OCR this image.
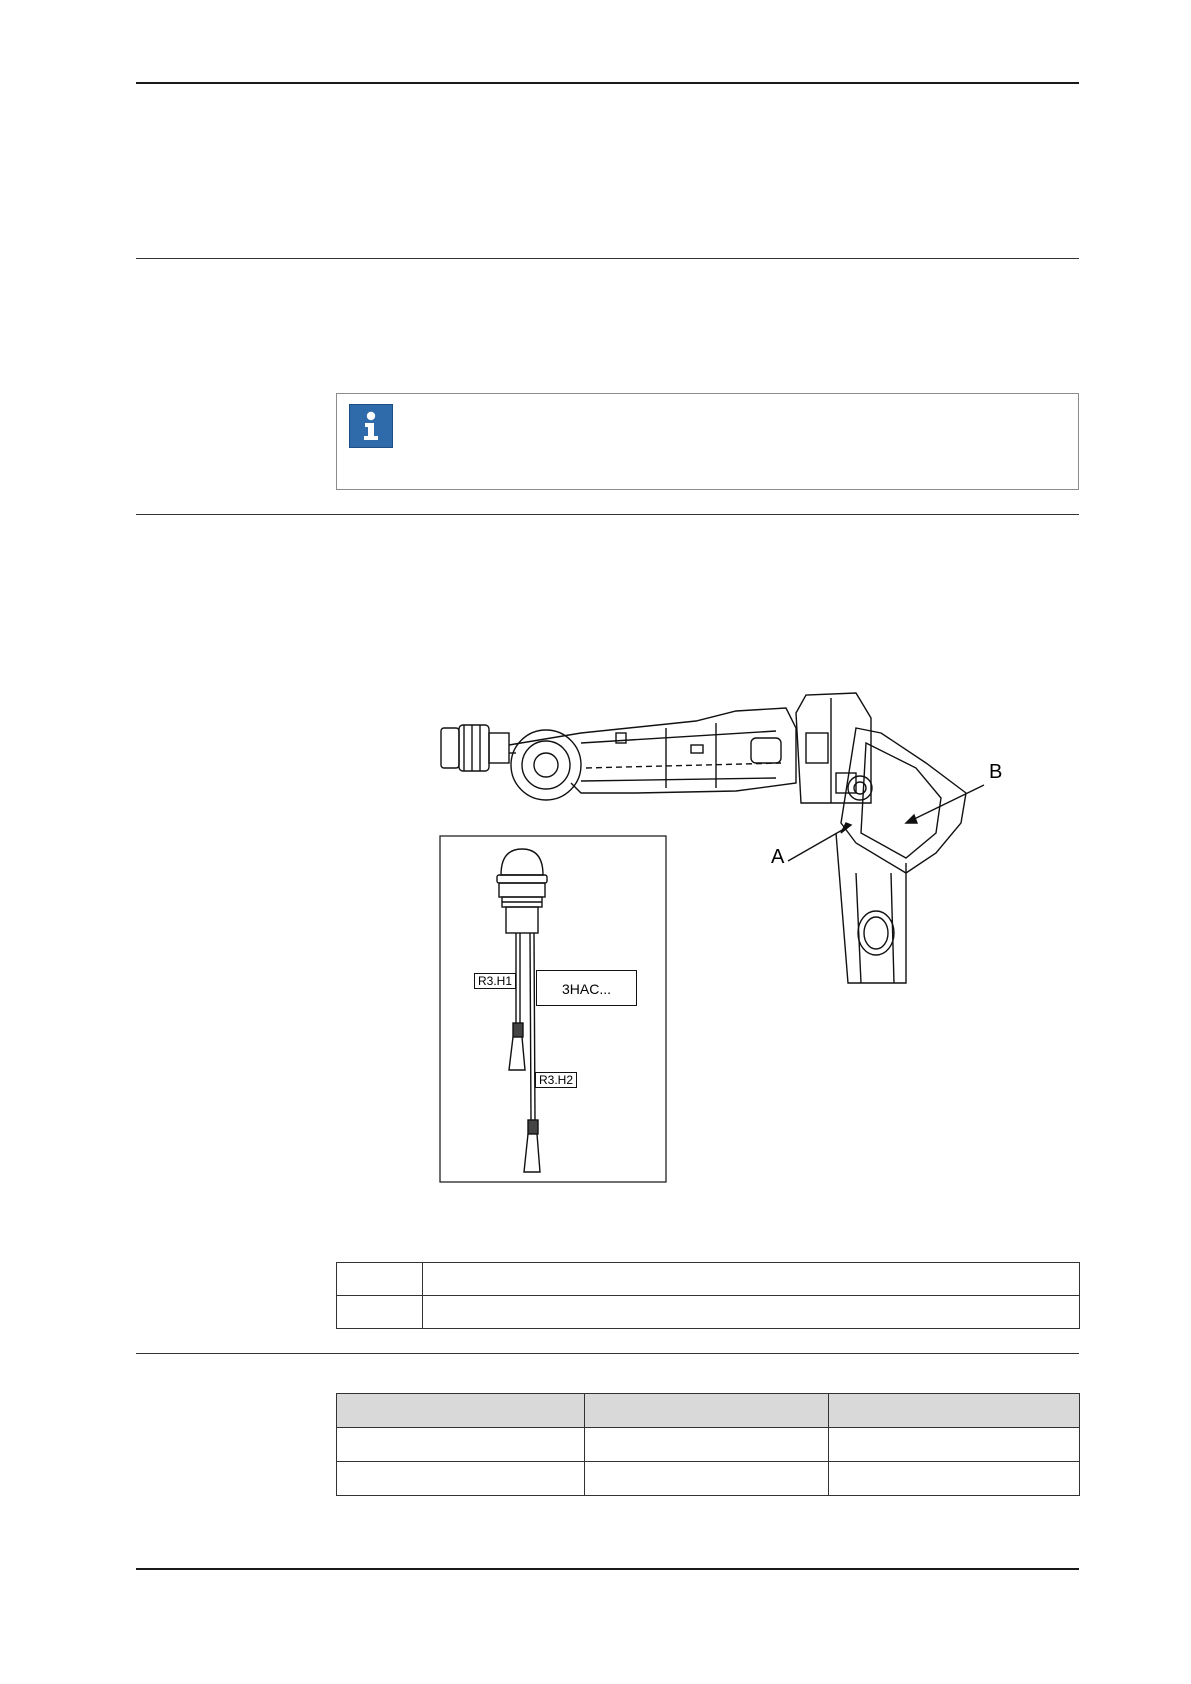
A
B
R3.H1
R3.H2
3HAC...
